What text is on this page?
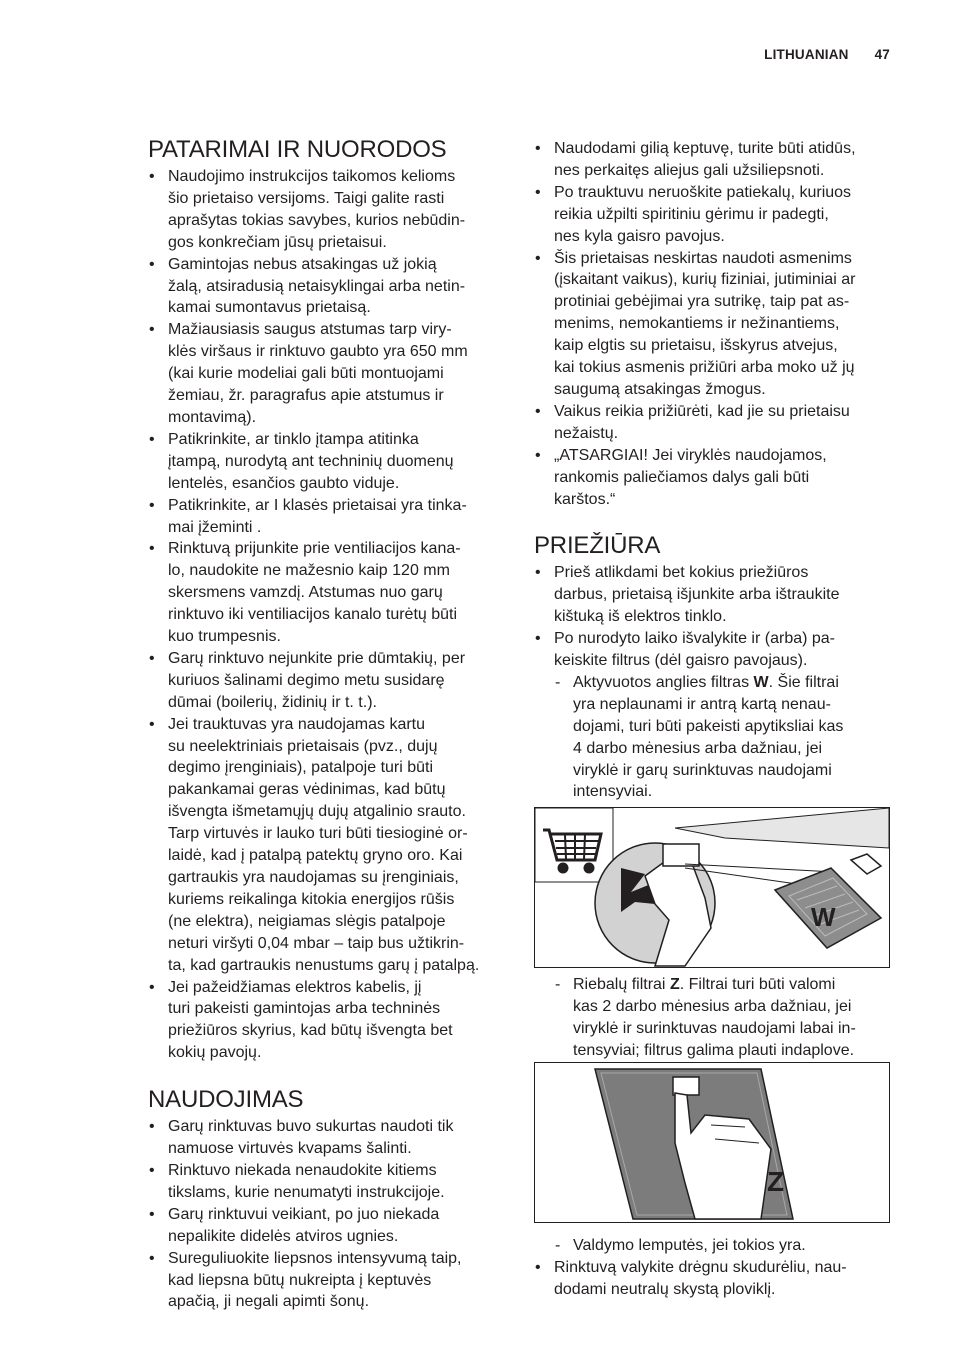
LITHUANIAN 47
PATARIMAI IR NUORODOS
• Naudojimo instrukcijos taikomos kelioms
šio prietaiso versijoms. Taigi galite rasti
aprašytas tokias savybes, kurios nebūdin-
gos konkrečiam jūsų prietaisui.
• Gamintojas nebus atsakingas už jokią
žalą, atsiradusią netaisyklingai arba netin-
kamai sumontavus prietaisą.
• Mažiausiasis saugus atstumas tarp viry-
klės viršaus ir rinktuvo gaubto yra 650 mm
(kai kurie modeliai gali būti montuojami
žemiau, žr. paragrafus apie atstumus ir
montavimą).
• Patikrinkite, ar tinklo įtampa atitinka
įtampą, nurodytą ant techninių duomenų
lentelės, esančios gaubto viduje.
• Patikrinkite, ar I klasės prietaisai yra tinka-
mai įžeminti .
• Rinktuvą prijunkite prie ventiliacijos kana-
lo, naudokite ne mažesnio kaip 120 mm
skersmens vamzdį. Atstumas nuo garų
rinktuvo iki ventiliacijos kanalo turėtų būti
kuo trumpesnis.
• Garų rinktuvo nejunkite prie dūmtakių, per
kuriuos šalinami degimo metu susidarę
dūmai (boilerių, židinių ir t. t.).
• Jei trauktuvas yra naudojamas kartu
su neelektriniais prietaisais (pvz., dujų
degimo įrenginiais), patalpoje turi būti
pakankamai geras vėdinimas, kad būtų
išvengta išmetamųjų dujų atgalinio srauto.
Tarp virtuvės ir lauko turi būti tiesioginė or-
laidė, kad į patalpą patektų gryno oro. Kai
gartraukis yra naudojamas su įrenginiais,
kuriems reikalinga kitokia energijos rūšis
(ne elektra), neigiamas slėgis patalpoje
neturi viršyti 0,04 mbar – taip bus užtikrin-
ta, kad gartraukis nenustums garų į patalpą.
• Jei pažeidžiamas elektros kabelis, jį
turi pakeisti gamintojas arba techninės
priežiūros skyrius, kad būtų išvengta bet
kokių pavojų.
NAUDOJIMAS
• Garų rinktuvas buvo sukurtas naudoti tik
namuose virtuvės kvapams šalinti.
• Rinktuvo niekada nenaudokite kitiems
tikslams, kurie nenumatyti instrukcijoje.
• Garų rinktuvui veikiant, po juo niekada
nepalikite didelės atviros ugnies.
• Sureguliuokite liepsnos intensyvumą taip,
kad liepsna būtų nukreipta į keptuvės
apačią, ji negali apimti šonų.
• Naudodami gilią keptuvę, turite būti atidūs,
nes perkaitęs aliejus gali užsiliepsnoti.
• Po trauktuvu neruoškite patiekalų, kuriuos
reikia užpilti spiritiniu gėrimu ir padegti,
nes kyla gaisro pavojus.
• Šis prietaisas neskirtas naudoti asmenims
(įskaitant vaikus), kurių fiziniai, jutiminiai ar
protiniai gebėjimai yra sutrikę, taip pat as-
menims, nemokantiems ir nežinantiems,
kaip elgtis su prietaisu, išskyrus atvejus,
kai tokius asmenis prižiūri arba moko už jų
saugumą atsakingas žmogus.
• Vaikus reikia prižiūrėti, kad jie su prietaisu
nežaistų.
• „ATSARGIAI! Jei viryklės naudojamos,
rankomis paliečiamos dalys gali būti
karštos.“
PRIEŽIŪRA
• Prieš atlikdami bet kokius priežiūros
darbus, prietaisą išjunkite arba ištraukite
kištuką iš elektros tinklo.
• Po nurodyto laiko išvalykite ir (arba) pa-
keiskite filtrus (dėl gaisro pavojaus).
- Aktyvuotos anglies filtras W. Šie filtrai
yra neplaunami ir antrą kartą nenau-
dojami, turi būti pakeisti apytiksliai kas
4 darbo mėnesius arba dažniau, jei
viryklė ir garų surinktuvas naudojami
intensyviai.
W
- Riebalų filtrai Z. Filtrai turi būti valomi
kas 2 darbo mėnesius arba dažniau, jei
viryklė ir surinktuvas naudojami labai in-
tensyviai; filtrus galima plauti indaplove.
Z
- Valdymo lemputės, jei tokios yra.
• Rinktuvą valykite drėgnu skudurėliu, nau-
dodami neutralų skystą ploviklį.
